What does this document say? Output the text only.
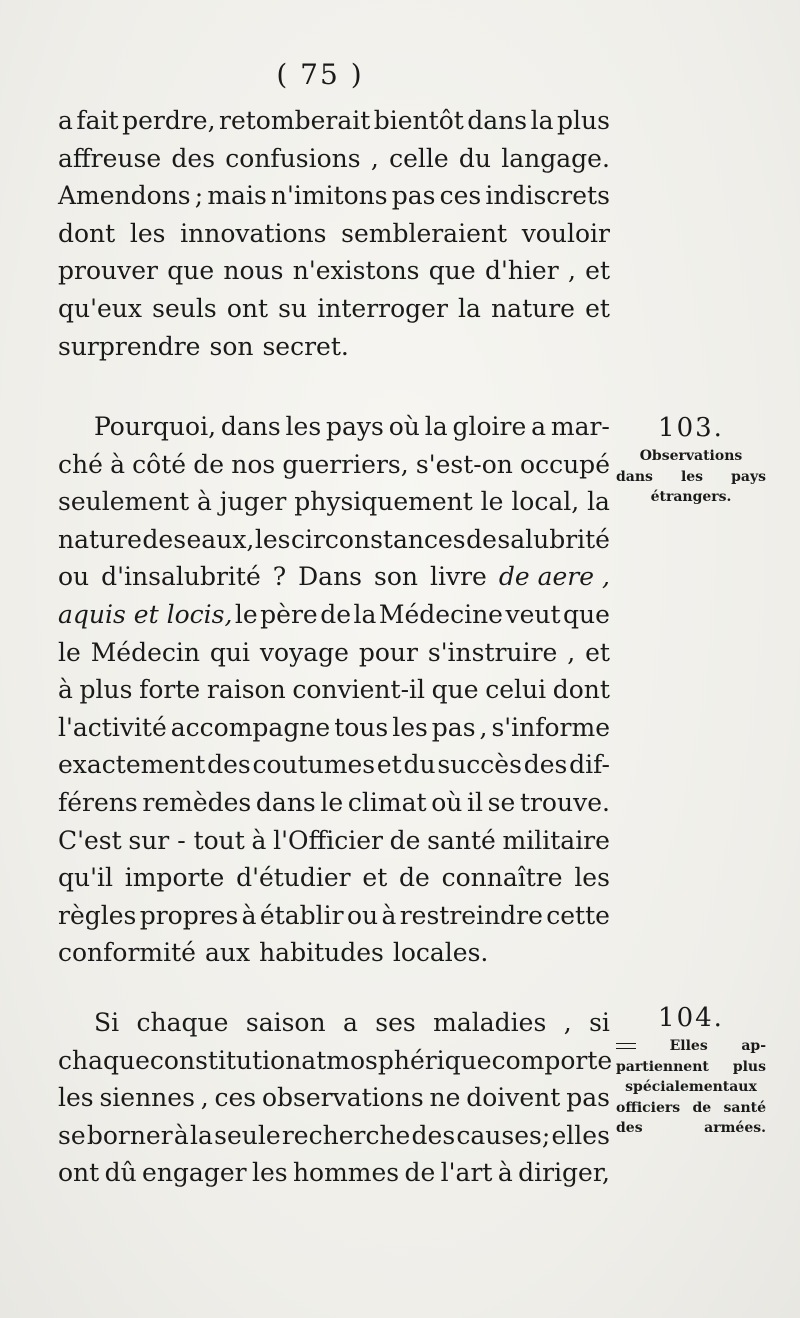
( 75 )
a fait perdre, retomberait bientôt dans la plus
affreuse des confusions , celle du langage.
Amendons ; mais n'imitons pas ces indiscrets
dont les innovations sembleraient vouloir
prouver que nous n'existons que d'hier , et
qu'eux seuls ont su interroger la nature et
surprendre son secret.
Pourquoi, dans les pays où la gloire a mar-
ché à côté de nos guerriers, s'est-on occupé
seulement à juger physiquement le local, la
nature des eaux, les circonstances de salubrité
ou d'insalubrité ? Dans son livre de aere ,
aquis et locis, le père de la Médecine veut que
le Médecin qui voyage pour s'instruire , et
à plus forte raison convient-il que celui dont
l'activité accompagne tous les pas , s'informe
exactement des coutumes et du succès des dif-
férens remèdes dans le climat où il se trouve.
C'est sur - tout à l'Officier de santé militaire
qu'il importe d'étudier et de connaître les
règles propres à établir ou à restreindre cette
conformité aux habitudes locales.
Si chaque saison a ses maladies , si
chaque constitution atmosphérique comporte
les siennes , ces observations ne doivent pas
se borner à la seule recherche des causes; elles
ont dû engager les hommes de l'art à diriger,
103.
Observations
dans les pays
étrangers.
104.
Elles ap-
partiennent plus
spécialementaux
officiers de santé
des	armées.
